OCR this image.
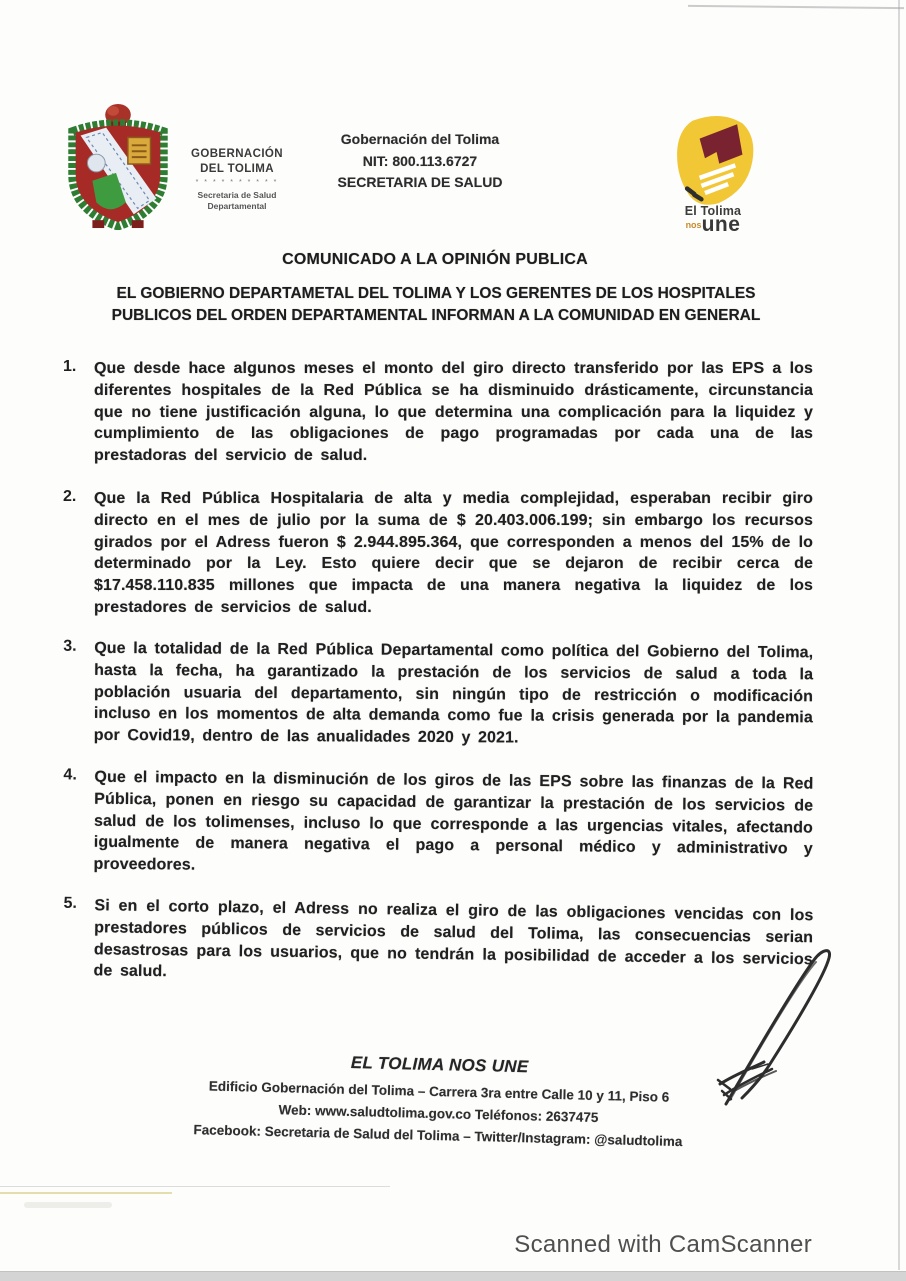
GOBERNACIÓN
DEL TOLIMA
* * * * * * * * * *
Secretaria de Salud
Departamental
Gobernación del Tolima
NIT: 800.113.6727
SECRETARIA DE SALUD
El Tolima
nosune
COMUNICADO A LA OPINIÓN PUBLICA
EL GOBIERNO DEPARTAMETAL DEL TOLIMA Y LOS GERENTES DE LOS HOSPITALES PUBLICOS DEL ORDEN DEPARTAMENTAL INFORMAN A LA COMUNIDAD EN GENERAL
1.	Que desde hace algunos meses el monto del giro directo transferido por las EPS a los diferentes hospitales de la Red Pública se ha disminuido drásticamente, circunstancia que no tiene justificación alguna, lo que determina una complicación para la liquidez y cumplimiento de las obligaciones de pago programadas por cada una de las prestadoras del servicio de salud.
2.	Que la Red Pública Hospitalaria de alta y media complejidad, esperaban recibir giro directo en el mes de julio por la suma de $ 20.403.006.199; sin embargo los recursos girados por el Adress fueron $ 2.944.895.364, que corresponden a menos del 15% de lo determinado por la Ley. Esto quiere decir que se dejaron de recibir cerca de $17.458.110.835 millones que impacta de una manera negativa la liquidez de los prestadores de servicios de salud.
3.	Que la totalidad de la Red Pública Departamental como política del Gobierno del Tolima, hasta la fecha, ha garantizado la prestación de los servicios de salud a toda la población usuaria del departamento, sin ningún tipo de restricción o modificación incluso en los momentos de alta demanda como fue la crisis generada por la pandemia por Covid19, dentro de las anualidades 2020 y 2021.
4.	Que el impacto en la disminución de los giros de las EPS sobre las finanzas de la Red Pública, ponen en riesgo su capacidad de garantizar la prestación de los servicios de salud de los tolimenses, incluso lo que corresponde a las urgencias vitales, afectando igualmente de manera negativa el pago a personal médico y administrativo y proveedores.
5.	Si en el corto plazo, el Adress no realiza el giro de las obligaciones vencidas con los prestadores públicos de servicios de salud del Tolima, las consecuencias serian desastrosas para los usuarios, que no tendrán la posibilidad de acceder a los servicios de salud.
EL TOLIMA NOS UNE
Edificio Gobernación del Tolima – Carrera 3ra entre Calle 10 y 11, Piso 6
Web: www.saludtolima.gov.co Teléfonos: 2637475
Facebook: Secretaria de Salud del Tolima – Twitter/Instagram: @saludtolima
Scanned with CamScanner
